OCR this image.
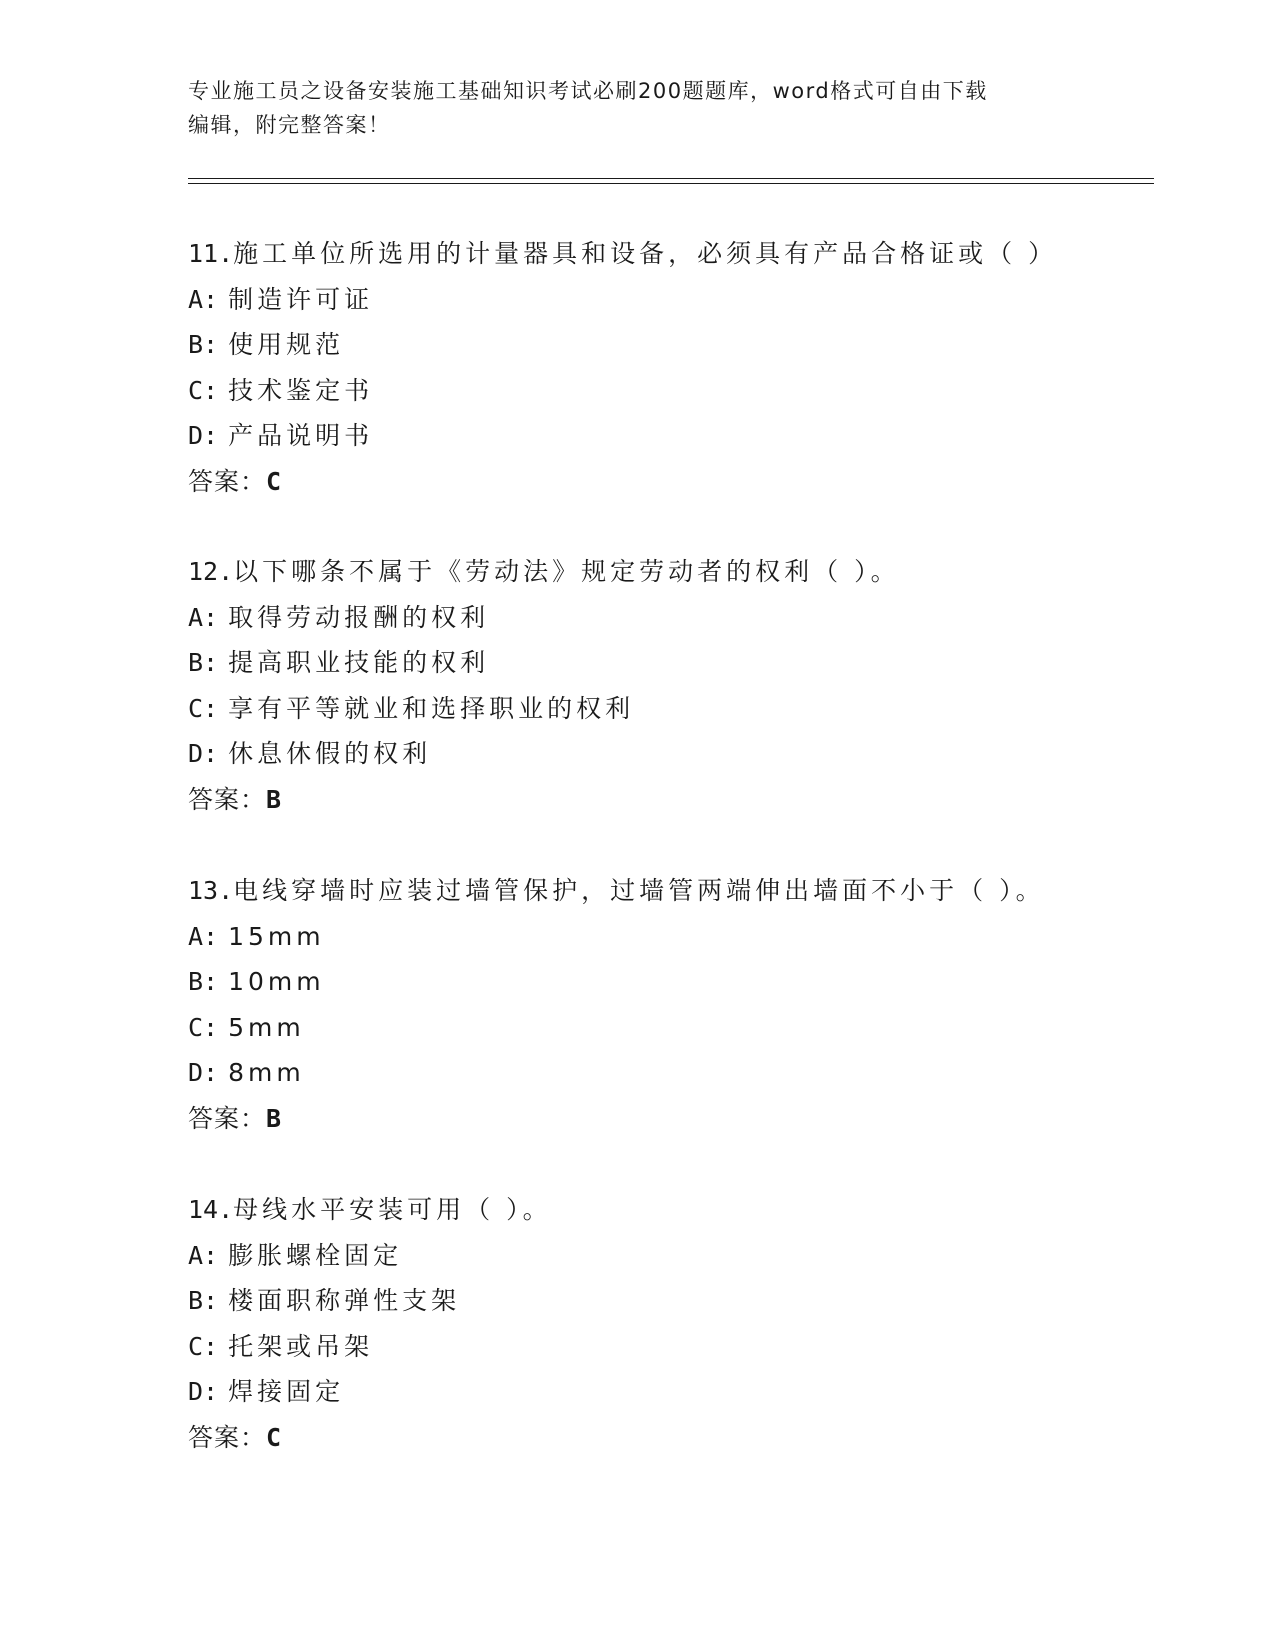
专业施工员之设备安装施工基础知识考试必刷200题题库，word格式可自由下载
编辑，附完整答案！
11.施工单位所选用的计量器具和设备，必须具有产品合格证或（ ）
A: 制造许可证
B: 使用规范
C: 技术鉴定书
D: 产品说明书
答案：C
12.以下哪条不属于《劳动法》规定劳动者的权利（ ）。
A: 取得劳动报酬的权利
B: 提高职业技能的权利
C: 享有平等就业和选择职业的权利
D: 休息休假的权利
答案：B
13.电线穿墙时应装过墙管保护，过墙管两端伸出墙面不小于（ ）。
A: 15mm
B: 10mm
C: 5mm
D: 8mm
答案：B
14.母线水平安装可用（ ）。
A: 膨胀螺栓固定
B: 楼面职称弹性支架
C: 托架或吊架
D: 焊接固定
答案：C
